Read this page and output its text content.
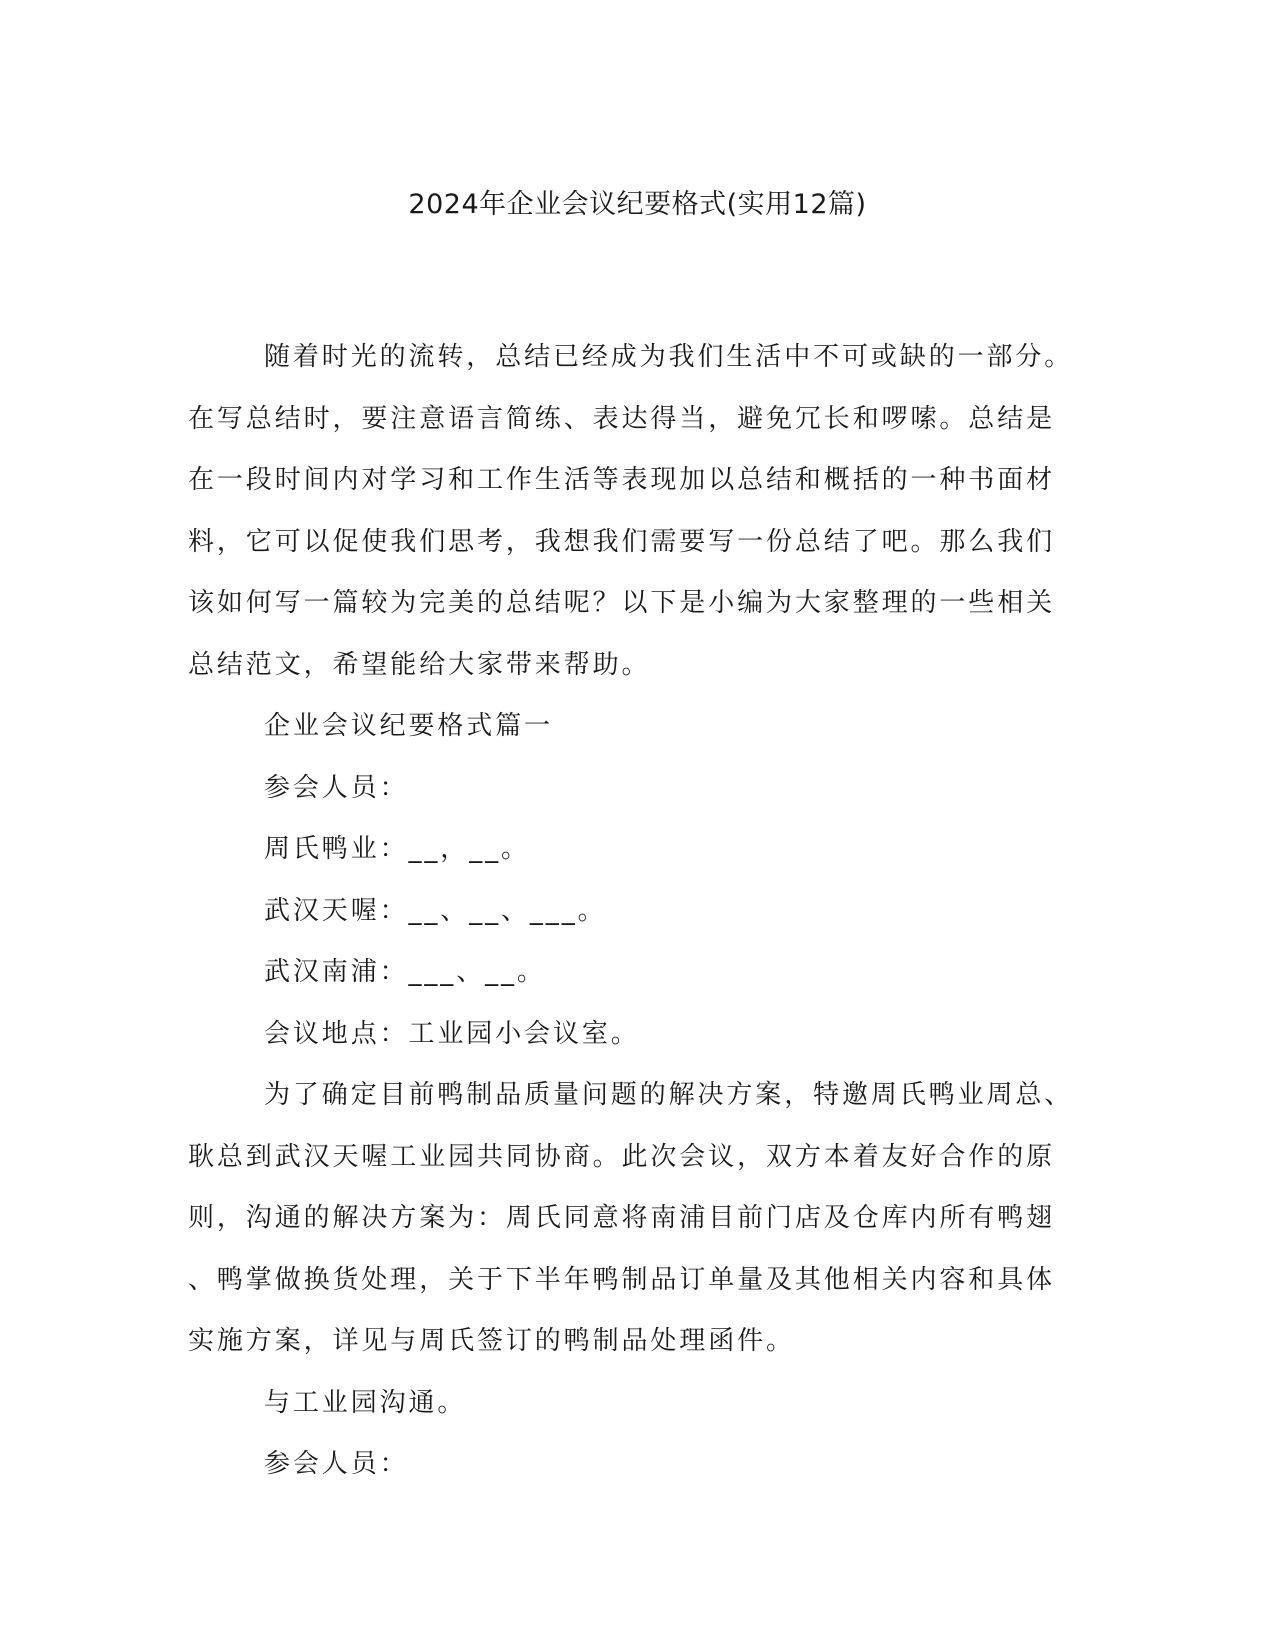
2024年企业会议纪要格式(实用12篇)

随着时光的流转，总结已经成为我们生活中不可或缺的一部分。
在写总结时，要注意语言简练、表达得当，避免冗长和啰嗦。总结是
在一段时间内对学习和工作生活等表现加以总结和概括的一种书面材
料，它可以促使我们思考，我想我们需要写一份总结了吧。那么我们
该如何写一篇较为完美的总结呢？以下是小编为大家整理的一些相关
总结范文，希望能给大家带来帮助。

企业会议纪要格式篇一

参会人员：

周氏鸭业：__，__。

武汉天喔：__、__、___。

武汉南浦：___、__。

会议地点：工业园小会议室。

为了确定目前鸭制品质量问题的解决方案，特邀周氏鸭业周总、
耿总到武汉天喔工业园共同协商。此次会议，双方本着友好合作的原
则，沟通的解决方案为：周氏同意将南浦目前门店及仓库内所有鸭翅
、鸭掌做换货处理，关于下半年鸭制品订单量及其他相关内容和具体
实施方案，详见与周氏签订的鸭制品处理函件。

与工业园沟通。

参会人员：
